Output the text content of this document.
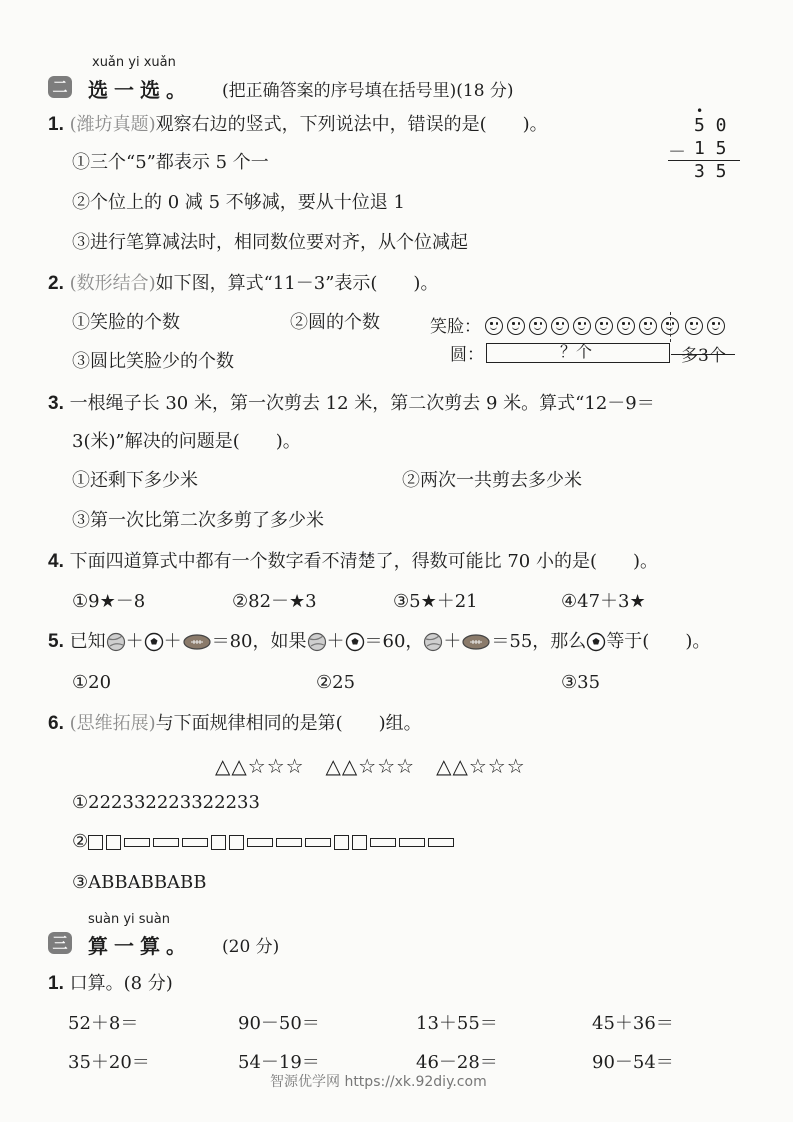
xuǎn yi xuǎn
二 选一选。 (把正确答案的序号填在括号里)(18 分)
1. (潍坊真题)观察右边的竖式，下列说法中，错误的是(　　)。
①三个“5”都表示 5 个一
②个位上的 0 减 5 不够减，要从十位退 1
③进行笔算减法时，相同数位要对齐，从个位减起
•
5 0
－ 1 5
3 5
2. (数形结合)如下图，算式“11－3”表示(　　)。
①笑脸的个数	②圆的个数
③圆比笑脸少的个数
笑脸：
圆：	？个	多3个
3. 一根绳子长 30 米，第一次剪去 12 米，第二次剪去 9 米。算式“12－9＝
3(米)”解决的问题是(　　)。
①还剩下多少米	②两次一共剪去多少米
③第一次比第二次多剪了多少米
4. 下面四道算式中都有一个数字看不清楚了，得数可能比 70 小的是(　　)。
①9★－8	②82－★3	③5★＋21	④47＋3★
5. 已知 ＋ ＋ ＝80，如果 ＋ ＝60， ＋ ＝55，那么 等于(　　)。
①20	②25	③35
6. (思维拓展)与下面规律相同的是第(　　)组。
△△☆☆☆　△△☆☆☆　△△☆☆☆
①222332223322233
②
③ABBABBABB
suàn yi suàn
三 算一算。 (20 分)
1. 口算。(8 分)
52＋8＝	90－50＝	13＋55＝	45＋36＝
35＋20＝	54－19＝	46－28＝	90－54＝
智源优学网 https://xk.92diy.com
